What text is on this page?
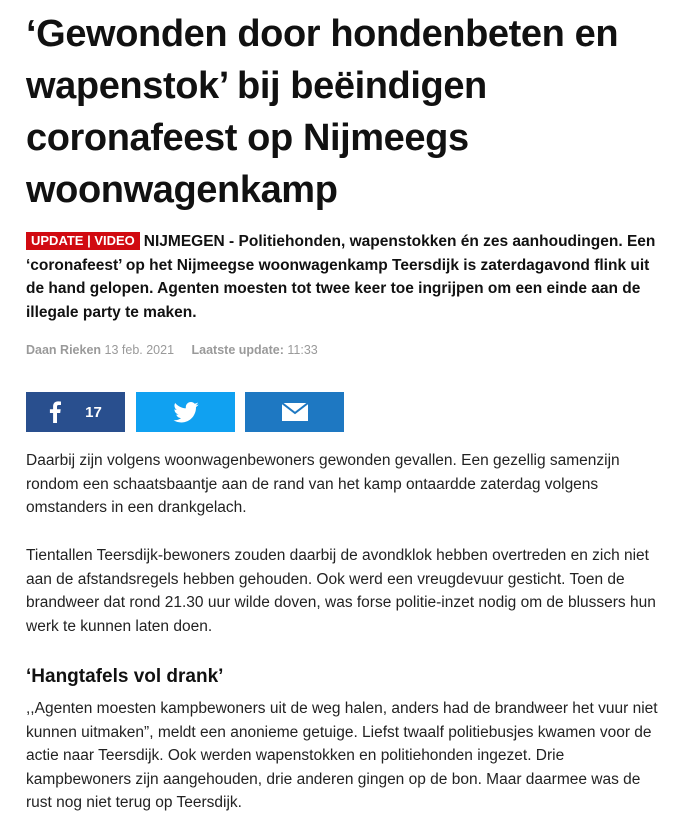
‘Gewonden door hondenbeten en wapenstok’ bij beëindigen coronafeest op Nijmeegs woonwagenkamp
UPDATE | VIDEO NIJMEGEN - Politiehonden, wapenstokken én zes aanhoudingen. Een ‘coronafeest’ op het Nijmeegse woonwagenkamp Teersdijk is zaterdagavond flink uit de hand gelopen. Agenten moesten tot twee keer toe ingrijpen om een einde aan de illegale party te maken.
Daan Rieken 13 feb. 2021 Laatste update: 11:33
17

Daarbij zijn volgens woonwagenbewoners gewonden gevallen. Een gezellig samenzijn rondom een schaatsbaantje aan de rand van het kamp ontaardde zaterdag volgens omstanders in een drankgelach.

Tientallen Teersdijk-bewoners zouden daarbij de avondklok hebben overtreden en zich niet aan de afstandsregels hebben gehouden. Ook werd een vreugdevuur gesticht. Toen de brandweer dat rond 21.30 uur wilde doven, was forse politie-inzet nodig om de blussers hun werk te kunnen laten doen.

‘Hangtafels vol drank’

,,Agenten moesten kampbewoners uit de weg halen, anders had de brandweer het vuur niet kunnen uitmaken”, meldt een anonieme getuige. Liefst twaalf politiebusjes kwamen voor de actie naar Teersdijk. Ook werden wapenstokken en politiehonden ingezet. Drie kampbewoners zijn aangehouden, drie anderen gingen op de bon. Maar daarmee was de rust nog niet terug op Teersdijk.
